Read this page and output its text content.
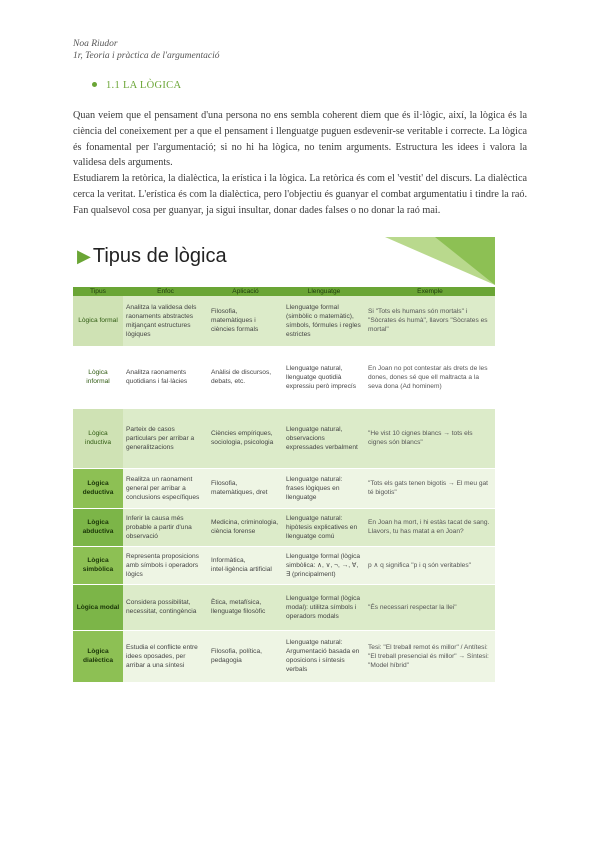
Noa Riudor
1r, Teoria i pràctica de l'argumentació
1.1 LA LÒGICA

Quan veiem que el pensament d'una persona no ens sembla coherent diem que és il·lògic, així, la lògica és la ciència del coneixement per a que el pensament i llenguatge puguen esdevenir-se veritable i correcte. La lògica és fonamental per l'argumentació; si no hi ha lògica, no tenim arguments. Estructura les idees i valora la validesa dels arguments.

Estudiarem la retòrica, la dialèctica, la erística i la lògica. La retòrica és com el 'vestit' del discurs. La dialèctica cerca la veritat. L'erística és com la dialèctica, pero l'objectiu és guanyar el combat argumentatiu i tindre la raó. Fan qualsevol cosa per guanyar, ja sigui insultar, donar dades falses o no donar la raó mai.

▶ Tipus de lògica
Tipus	Enfoc	Aplicació	Llenguatge	Exemple
Lògica formal	Analitza la validesa dels raonaments abstractes mitjançant estructures lògiques	Filosofia, matemàtiques i ciències formals	Llenguatge formal (simbòlic o matemàtic), símbols, fórmules i regles estrictes	Si "Tots els humans són mortals" i "Sòcrates és humà", llavors "Sòcrates es mortal"
Lògica informal	Analitza raonaments quotidians i fal·làcies	Anàlisi de discursos, debats, etc.	Llenguatge natural, llenguatge quotidià expressiu però imprecís	En Joan no pot contestar als drets de les dones, dones sé que ell maltracta a la seva dona (Ad hominem)
Lògica inductiva	Parteix de casos particulars per arribar a generalitzacions	Ciències empíriques, sociologia, psicologia	Llenguatge natural, observacions expressades verbalment	"He vist 10 cignes blancs → tots els cignes són blancs"
Lògica deductiva	Realitza un raonament general per arribar a conclusions específiques	Filosofia, matemàtiques, dret	Llenguatge natural: frases lògiques en llenguatge	"Tots els gats tenen bigotis → El meu gat té bigotis"
Lògica abductiva	Inferir la causa més probable a partir d'una observació	Medicina, criminologia, ciència forense	Llenguatge natural: hipòtesis explicatives en llenguatge comú	En Joan ha mort, i hi estàs tacat de sang. Llavors, tu has matat a en Joan?
Lògica simbòlica	Representa proposicions amb símbols i operadors lògics	Informàtica, intel·ligència artificial	Llenguatge formal (lògica simbòlica: ∧, ∨, ¬, →, ∀, ∃ (principalment)	p ∧ q significa "p i q són veritables"
Lògica modal	Considera possibilitat, necessitat, contingència	Ètica, metafísica, llenguatge filosòfic	Llenguatge formal (lògica modal): utilitza símbols i operadors modals	"És necessari respectar la llei"
Lògica dialèctica	Estudia el conflicte entre idees oposades, per arribar a una síntesi	Filosofia, política, pedagogia	Llenguatge natural: Argumentació basada en oposicions i síntesis verbals	Tesi: "El treball remot és millor" / Antítesi: "El treball presencial és millor" → Síntesi: "Model híbrid"
